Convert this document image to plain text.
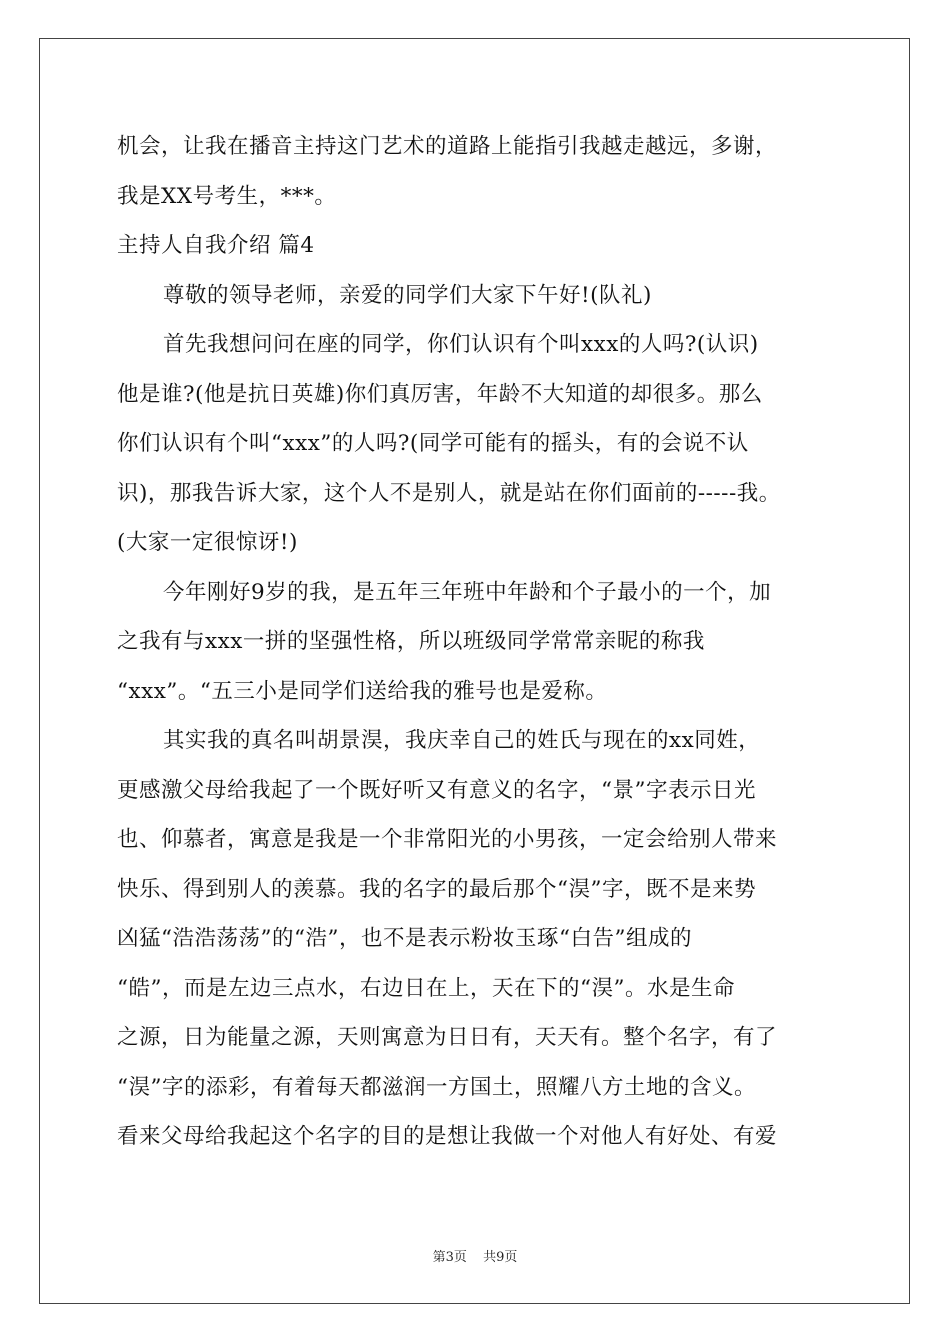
机会，让我在播音主持这门艺术的道路上能指引我越走越远，多谢，
我是XX号考生，***。
主持人自我介绍 篇4
尊敬的领导老师，亲爱的同学们大家下午好!(队礼)
首先我想问问在座的同学，你们认识有个叫xxx的人吗?(认识)
他是谁?(他是抗日英雄)你们真厉害，年龄不大知道的却很多。那么
你们认识有个叫“xxx”的人吗?(同学可能有的摇头，有的会说不认
识)，那我告诉大家，这个人不是别人，就是站在你们面前的-----我。
(大家一定很惊讶!)
今年刚好9岁的我，是五年三年班中年龄和个子最小的一个，加
之我有与xxx一拼的坚强性格，所以班级同学常常亲昵的称我
“xxx”。“五三小是同学们送给我的雅号也是爱称。
其实我的真名叫胡景淏，我庆幸自己的姓氏与现在的xx同姓，
更感激父母给我起了一个既好听又有意义的名字，“景”字表示日光
也、仰慕者，寓意是我是一个非常阳光的小男孩，一定会给别人带来
快乐、得到别人的羡慕。我的名字的最后那个“淏”字，既不是来势
凶猛“浩浩荡荡”的“浩”，也不是表示粉妆玉琢“白告”组成的
“皓”，而是左边三点水，右边日在上，天在下的“淏”。水是生命
之源，日为能量之源，天则寓意为日日有，天天有。整个名字，有了
“淏”字的添彩，有着每天都滋润一方国土，照耀八方土地的含义。
看来父母给我起这个名字的目的是想让我做一个对他人有好处、有爱
第3页 共9页
